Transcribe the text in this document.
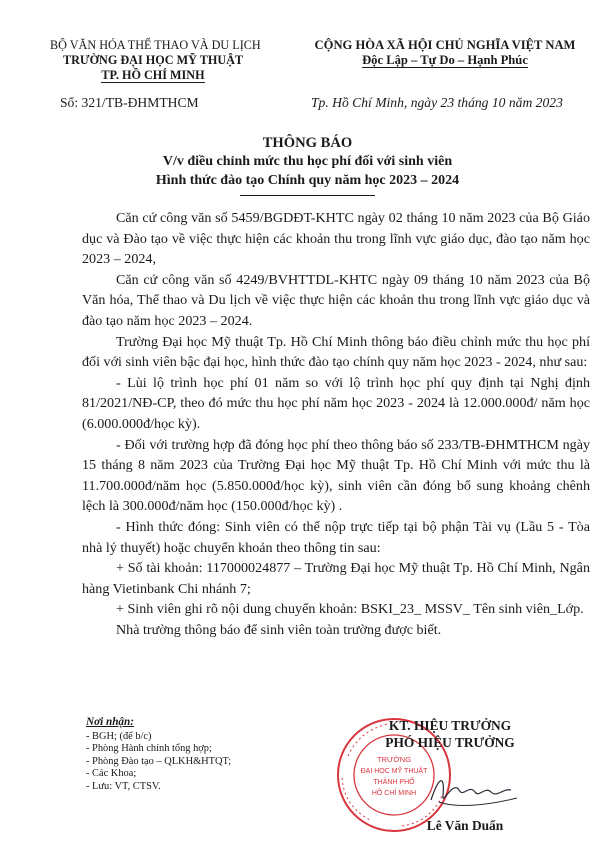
BỘ VĂN HÓA THỂ THAO VÀ DU LỊCH
TRƯỜNG ĐẠI HỌC MỸ THUẬT
TP. HỒ CHÍ MINH
CỘNG HÒA XÃ HỘI CHỦ NGHĨA VIỆT NAM
Độc Lập – Tự Do – Hạnh Phúc
Số: 321/TB-ĐHMTHCM	Tp. Hồ Chí Minh, ngày 23 tháng 10 năm 2023
THÔNG BÁO
V/v điều chỉnh mức thu học phí đối với sinh viên
Hình thức đào tạo Chính quy năm học 2023 – 2024

Căn cứ công văn số 5459/BGDĐT-KHTC ngày 02 tháng 10 năm 2023 của Bộ Giáo dục và Đào tạo về việc thực hiện các khoản thu trong lĩnh vực giáo dục, đào tạo năm học 2023 – 2024,

Căn cứ công văn số 4249/BVHTTDL-KHTC ngày 09 tháng 10 năm 2023 của Bộ Văn hóa, Thể thao và Du lịch về việc thực hiện các khoản thu trong lĩnh vực giáo dục và đào tạo năm học 2023 – 2024.

Trường Đại học Mỹ thuật Tp. Hồ Chí Minh thông báo điều chỉnh mức thu học phí đối với sinh viên bậc đại học, hình thức đào tạo chính quy năm học 2023 - 2024, như sau:

- Lùi lộ trình học phí 01 năm so với lộ trình học phí quy định tại Nghị định 81/2021/NĐ-CP, theo đó mức thu học phí năm học 2023 - 2024 là 12.000.000đ/ năm học (6.000.000đ/học kỳ).

- Đối với trường hợp đã đóng học phí theo thông báo số 233/TB-ĐHMTHCM ngày 15 tháng 8 năm 2023 của Trường Đại học Mỹ thuật Tp. Hồ Chí Minh với mức thu là 11.700.000đ/năm học (5.850.000đ/học kỳ), sinh viên cần đóng bổ sung khoảng chênh lệch là 300.000đ/năm học (150.000đ/học kỳ) .

- Hình thức đóng: Sinh viên có thể nộp trực tiếp tại bộ phận Tài vụ (Lầu 5 - Tòa nhà lý thuyết) hoặc chuyển khoản theo thông tin sau:

+ Số tài khoản: 117000024877 – Trường Đại học Mỹ thuật Tp. Hồ Chí Minh, Ngân hàng Vietinbank Chi nhánh 7;

+ Sinh viên ghi rõ nội dung chuyển khoản: BSKI_23_ MSSV_ Tên sinh viên_Lớp.

Nhà trường thông báo để sinh viên toàn trường được biết.

Nơi nhận:
- BGH; (để b/c)
- Phòng Hành chính tổng hợp;
- Phòng Đào tạo – QLKH&HTQT;
- Các Khoa;
- Lưu: VT, CTSV.
TRƯỜNG
ĐẠI HỌC MỸ THUẬT
THÀNH PHỐ
HỒ CHÍ MINH
KT. HIỆU TRƯỞNG
PHÓ HIỆU TRƯỞNG
Lê Văn Duẩn
